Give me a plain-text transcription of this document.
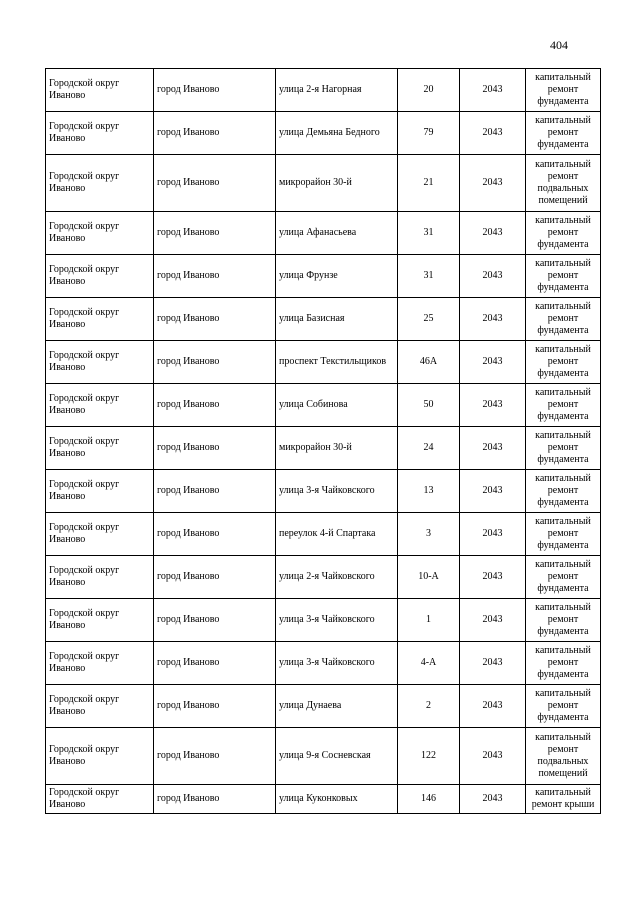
404
Городской округ Иваново	город Иваново	улица 2-я Нагорная	20	2043	капитальный ремонт фундамента
Городской округ Иваново	город Иваново	улица Демьяна Бедного	79	2043	капитальный ремонт фундамента
Городской округ Иваново	город Иваново	микрорайон 30-й	21	2043	капитальный ремонт подвальных помещений
Городской округ Иваново	город Иваново	улица Афанасьева	31	2043	капитальный ремонт фундамента
Городской округ Иваново	город Иваново	улица Фрунзе	31	2043	капитальный ремонт фундамента
Городской округ Иваново	город Иваново	улица Базисная	25	2043	капитальный ремонт фундамента
Городской округ Иваново	город Иваново	проспект Текстильщиков	46А	2043	капитальный ремонт фундамента
Городской округ Иваново	город Иваново	улица Собинова	50	2043	капитальный ремонт фундамента
Городской округ Иваново	город Иваново	микрорайон 30-й	24	2043	капитальный ремонт фундамента
Городской округ Иваново	город Иваново	улица 3-я Чайковского	13	2043	капитальный ремонт фундамента
Городской округ Иваново	город Иваново	переулок 4-й Спартака	3	2043	капитальный ремонт фундамента
Городской округ Иваново	город Иваново	улица 2-я Чайковского	10-А	2043	капитальный ремонт фундамента
Городской округ Иваново	город Иваново	улица 3-я Чайковского	1	2043	капитальный ремонт фундамента
Городской округ Иваново	город Иваново	улица 3-я Чайковского	4-А	2043	капитальный ремонт фундамента
Городской округ Иваново	город Иваново	улица Дунаева	2	2043	капитальный ремонт фундамента
Городской округ Иваново	город Иваново	улица 9-я Сосневская	122	2043	капитальный ремонт подвальных помещений
Городской округ Иваново	город Иваново	улица Куконковых	146	2043	капитальный ремонт крыши
